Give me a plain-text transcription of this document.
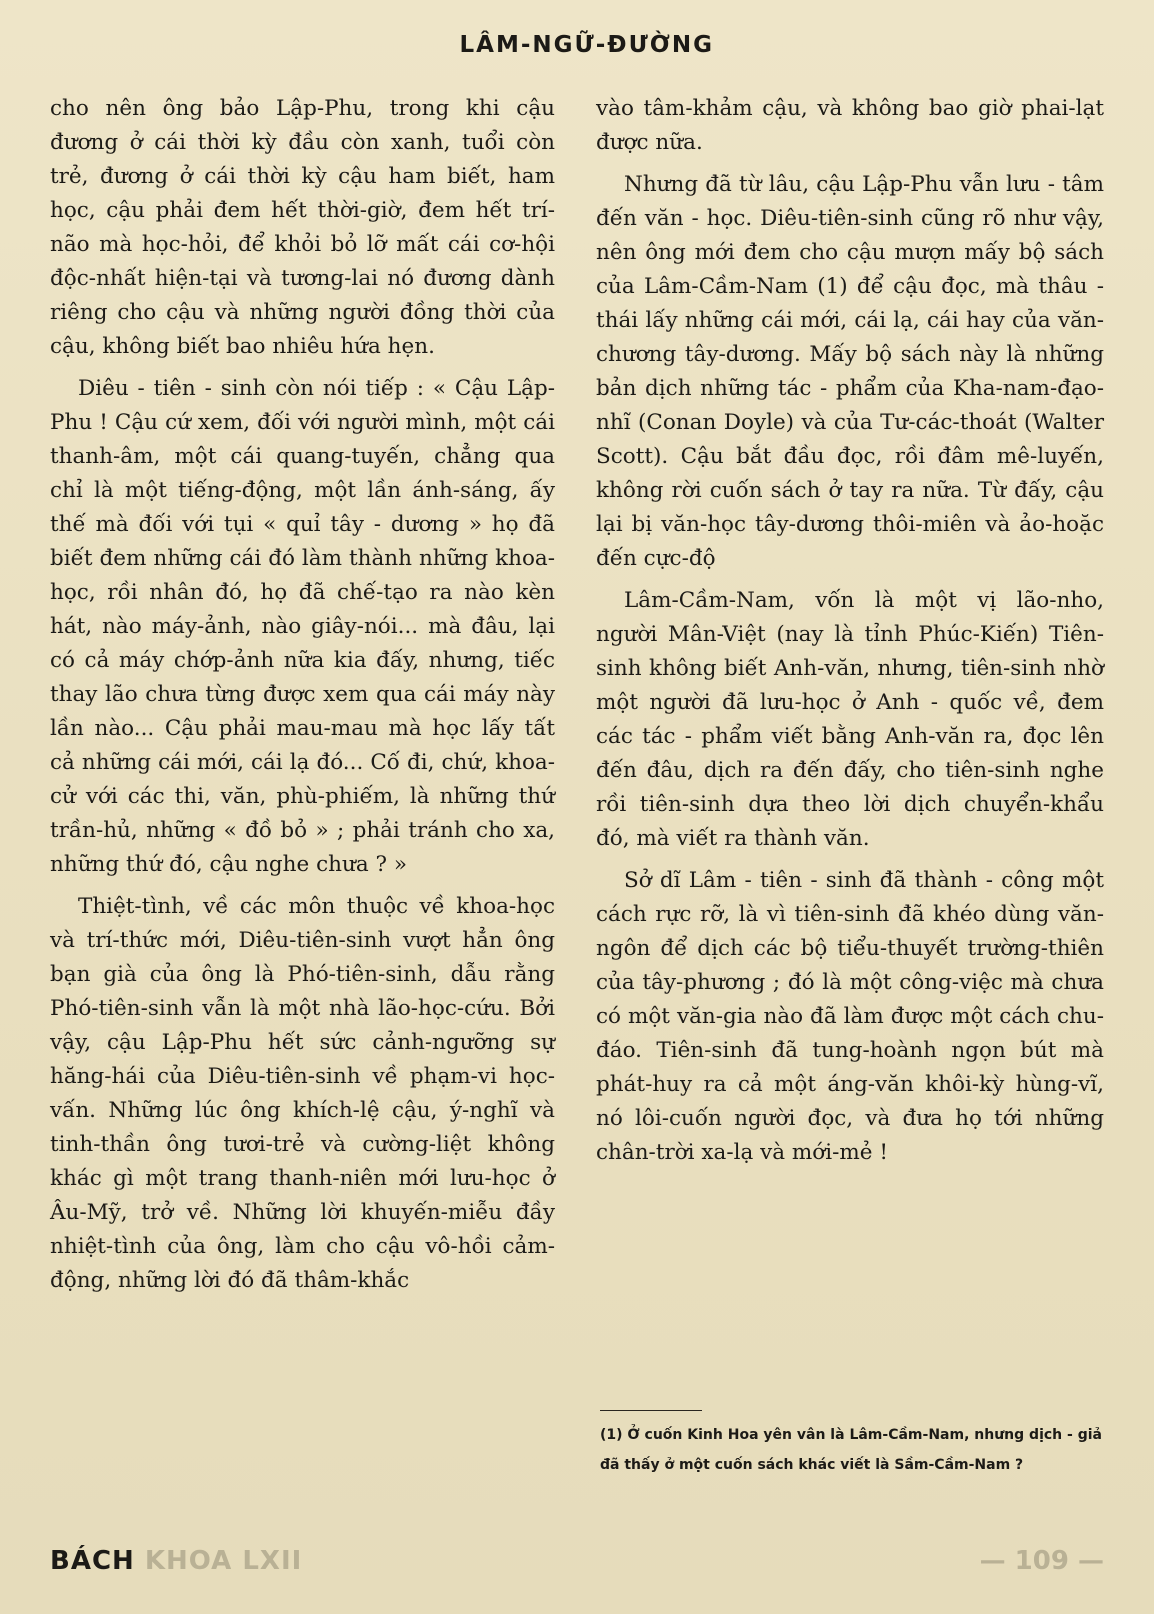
LÂM-NGỮ-ĐƯỜNG

cho nên ông bảo Lập-Phu, trong khi cậu đương ở cái thời kỳ đầu còn xanh, tuổi còn trẻ, đương ở cái thời kỳ cậu ham biết, ham học, cậu phải đem hết thời-giờ, đem hết trí-não mà học-hỏi, để khỏi bỏ lỡ mất cái cơ-hội độc-nhất hiện-tại và tương-lai nó đương dành riêng cho cậu và những người đồng thời của cậu, không biết bao nhiêu hứa hẹn.

Diêu - tiên - sinh còn nói tiếp : « Cậu Lập-Phu ! Cậu cứ xem, đối với người mình, một cái thanh-âm, một cái quang-tuyến, chẳng qua chỉ là một tiếng-động, một lần ánh-sáng, ấy thế mà đối với tụi « quỉ tây - dương » họ đã biết đem những cái đó làm thành những khoa-học, rồi nhân đó, họ đã chế-tạo ra nào kèn hát, nào máy-ảnh, nào giây-nói... mà đâu, lại có cả máy chớp-ảnh nữa kia đấy, nhưng, tiếc thay lão chưa từng được xem qua cái máy này lần nào... Cậu phải mau-mau mà học lấy tất cả những cái mới, cái lạ đó... Cố đi, chứ, khoa-cử với các thi, văn, phù-phiếm, là những thứ trần-hủ, những « đồ bỏ » ; phải tránh cho xa, những thứ đó, cậu nghe chưa ? »

Thiệt-tình, về các môn thuộc về khoa-học và trí-thức mới, Diêu-tiên-sinh vượt hẳn ông bạn già của ông là Phó-tiên-sinh, dẫu rằng Phó-tiên-sinh vẫn là một nhà lão-học-cứu. Bởi vậy, cậu Lập-Phu hết sức cảnh-ngưỡng sự hăng-hái của Diêu-tiên-sinh về phạm-vi học-vấn. Những lúc ông khích-lệ cậu, ý-nghĩ và tinh-thần ông tươi-trẻ và cường-liệt không khác gì một trang thanh-niên mới lưu-học ở Âu-Mỹ, trở về. Những lời khuyến-miễu đầy nhiệt-tình của ông, làm cho cậu vô-hồi cảm-động, những lời đó đã thâm-khắc

vào tâm-khảm cậu, và không bao giờ phai-lạt được nữa.

Nhưng đã từ lâu, cậu Lập-Phu vẫn lưu - tâm đến văn - học. Diêu-tiên-sinh cũng rõ như vậy, nên ông mới đem cho cậu mượn mấy bộ sách của Lâm-Cầm-Nam (1) để cậu đọc, mà thâu - thái lấy những cái mới, cái lạ, cái hay của văn-chương tây-dương. Mấy bộ sách này là những bản dịch những tác - phẩm của Kha-nam-đạo-nhĩ (Conan Doyle) và của Tư-các-thoát (Walter Scott). Cậu bắt đầu đọc, rồi đâm mê-luyến, không rời cuốn sách ở tay ra nữa. Từ đấy, cậu lại bị văn-học tây-dương thôi-miên và ảo-hoặc đến cực-độ

Lâm-Cầm-Nam, vốn là một vị lão-nho, người Mân-Việt (nay là tỉnh Phúc-Kiến) Tiên-sinh không biết Anh-văn, nhưng, tiên-sinh nhờ một người đã lưu-học ở Anh - quốc về, đem các tác - phẩm viết bằng Anh-văn ra, đọc lên đến đâu, dịch ra đến đấy, cho tiên-sinh nghe rồi tiên-sinh dựa theo lời dịch chuyển-khẩu đó, mà viết ra thành văn.

Sở dĩ Lâm - tiên - sinh đã thành - công một cách rực rỡ, là vì tiên-sinh đã khéo dùng văn-ngôn để dịch các bộ tiểu-thuyết trường-thiên của tây-phương ; đó là một công-việc mà chưa có một văn-gia nào đã làm được một cách chu-đáo. Tiên-sinh đã tung-hoành ngọn bút mà phát-huy ra cả một áng-văn khôi-kỳ hùng-vĩ, nó lôi-cuốn người đọc, và đưa họ tới những chân-trời xa-lạ và mới-mẻ !

(1) Ở cuốn Kinh Hoa yên vân là Lâm-Cầm-Nam, nhưng dịch - giả đã thấy ở một cuốn sách khác viết là Sầm-Cầm-Nam ?
BÁCH KHOA LXII	— 109 —
